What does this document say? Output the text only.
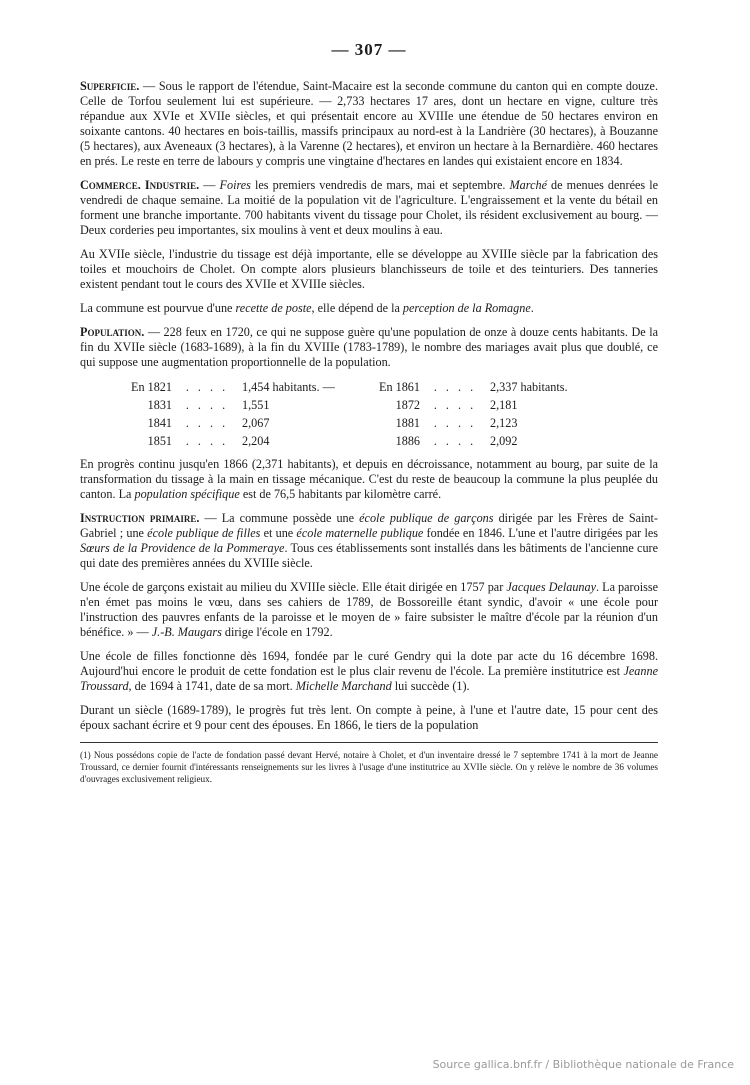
— 307 —

Superficie. — Sous le rapport de l'étendue, Saint-Macaire est la seconde commune du canton qui en compte douze. Celle de Torfou seulement lui est supérieure. — 2,733 hectares 17 ares, dont un hectare en vigne, culture très répandue aux XVIe et XVIIe siècles, et qui présentait encore au XVIIIe une étendue de 50 hectares environ en soixante cantons. 40 hectares en bois-taillis, massifs principaux au nord-est à la Landrière (30 hectares), à Bouzanne (5 hectares), aux Aveneaux (3 hectares), à la Varenne (2 hectares), et environ un hectare à la Bernardière. 460 hectares en prés. Le reste en terre de labours y compris une vingtaine d'hectares en landes qui existaient encore en 1834.

Commerce. Industrie. — Foires les premiers vendredis de mars, mai et septembre. Marché de menues denrées le vendredi de chaque semaine. La moitié de la population vit de l'agriculture. L'engraissement et la vente du bétail en forment une branche importante. 700 habitants vivent du tissage pour Cholet, ils résident exclusivement au bourg. — Deux corderies peu importantes, six moulins à vent et deux moulins à eau.

Au XVIIe siècle, l'industrie du tissage est déjà importante, elle se développe au XVIIIe siècle par la fabrication des toiles et mouchoirs de Cholet. On compte alors plusieurs blanchisseurs de toile et des teinturiers. Des tanneries existent pendant tout le cours des XVIIe et XVIIIe siècles.

La commune est pourvue d'une recette de poste, elle dépend de la perception de la Romagne.

Population. — 228 feux en 1720, ce qui ne suppose guère qu'une population de onze à douze cents habitants. De la fin du XVIIe siècle (1683-1689), à la fin du XVIIIe (1783-1789), le nombre des mariages avait plus que doublé, ce qui suppose une augmentation proportionnelle de la population.

En 1821	. . . .	1,454 habitants. —	En 1861	. . . .	2,337 habitants.
1831	. . . .	1,551	1872	. . . .	2,181
1841	. . . .	2,067	1881	. . . .	2,123
1851	. . . .	2,204	1886	. . . .	2,092

En progrès continu jusqu'en 1866 (2,371 habitants), et depuis en décroissance, notamment au bourg, par suite de la transformation du tissage à la main en tissage mécanique. C'est du reste de beaucoup la commune la plus peuplée du canton. La population spécifique est de 76,5 habitants par kilomètre carré.

Instruction primaire. — La commune possède une école publique de garçons dirigée par les Frères de Saint-Gabriel ; une école publique de filles et une école maternelle publique fondée en 1846. L'une et l'autre dirigées par les Sœurs de la Providence de la Pommeraye. Tous ces établissements sont installés dans les bâtiments de l'ancienne cure qui date des premières années du XVIIIe siècle.

Une école de garçons existait au milieu du XVIIIe siècle. Elle était dirigée en 1757 par Jacques Delaunay. La paroisse n'en émet pas moins le vœu, dans ses cahiers de 1789, de Bossoreille étant syndic, d'avoir « une école pour l'instruction des pauvres enfants de la paroisse et le moyen de » faire subsister le maître d'école par la réunion d'un bénéfice. » — J.-B. Maugars dirige l'école en 1792.

Une école de filles fonctionne dès 1694, fondée par le curé Gendry qui la dote par acte du 16 décembre 1698. Aujourd'hui encore le produit de cette fondation est le plus clair revenu de l'école. La première institutrice est Jeanne Troussard, de 1694 à 1741, date de sa mort. Michelle Marchand lui succède (1).

Durant un siècle (1689-1789), le progrès fut très lent. On compte à peine, à l'une et l'autre date, 15 pour cent des époux sachant écrire et 9 pour cent des épouses. En 1866, le tiers de la population

(1) Nous possédons copie de l'acte de fondation passé devant Hervé, notaire à Cholet, et d'un inventaire dressé le 7 septembre 1741 à la mort de Jeanne Troussard, ce dernier fournit d'intéressants renseignements sur les livres à l'usage d'une institutrice au XVIIe siècle. On y relève le nombre de 36 volumes d'ouvrages exclusivement religieux.
Source gallica.bnf.fr / Bibliothèque nationale de France
